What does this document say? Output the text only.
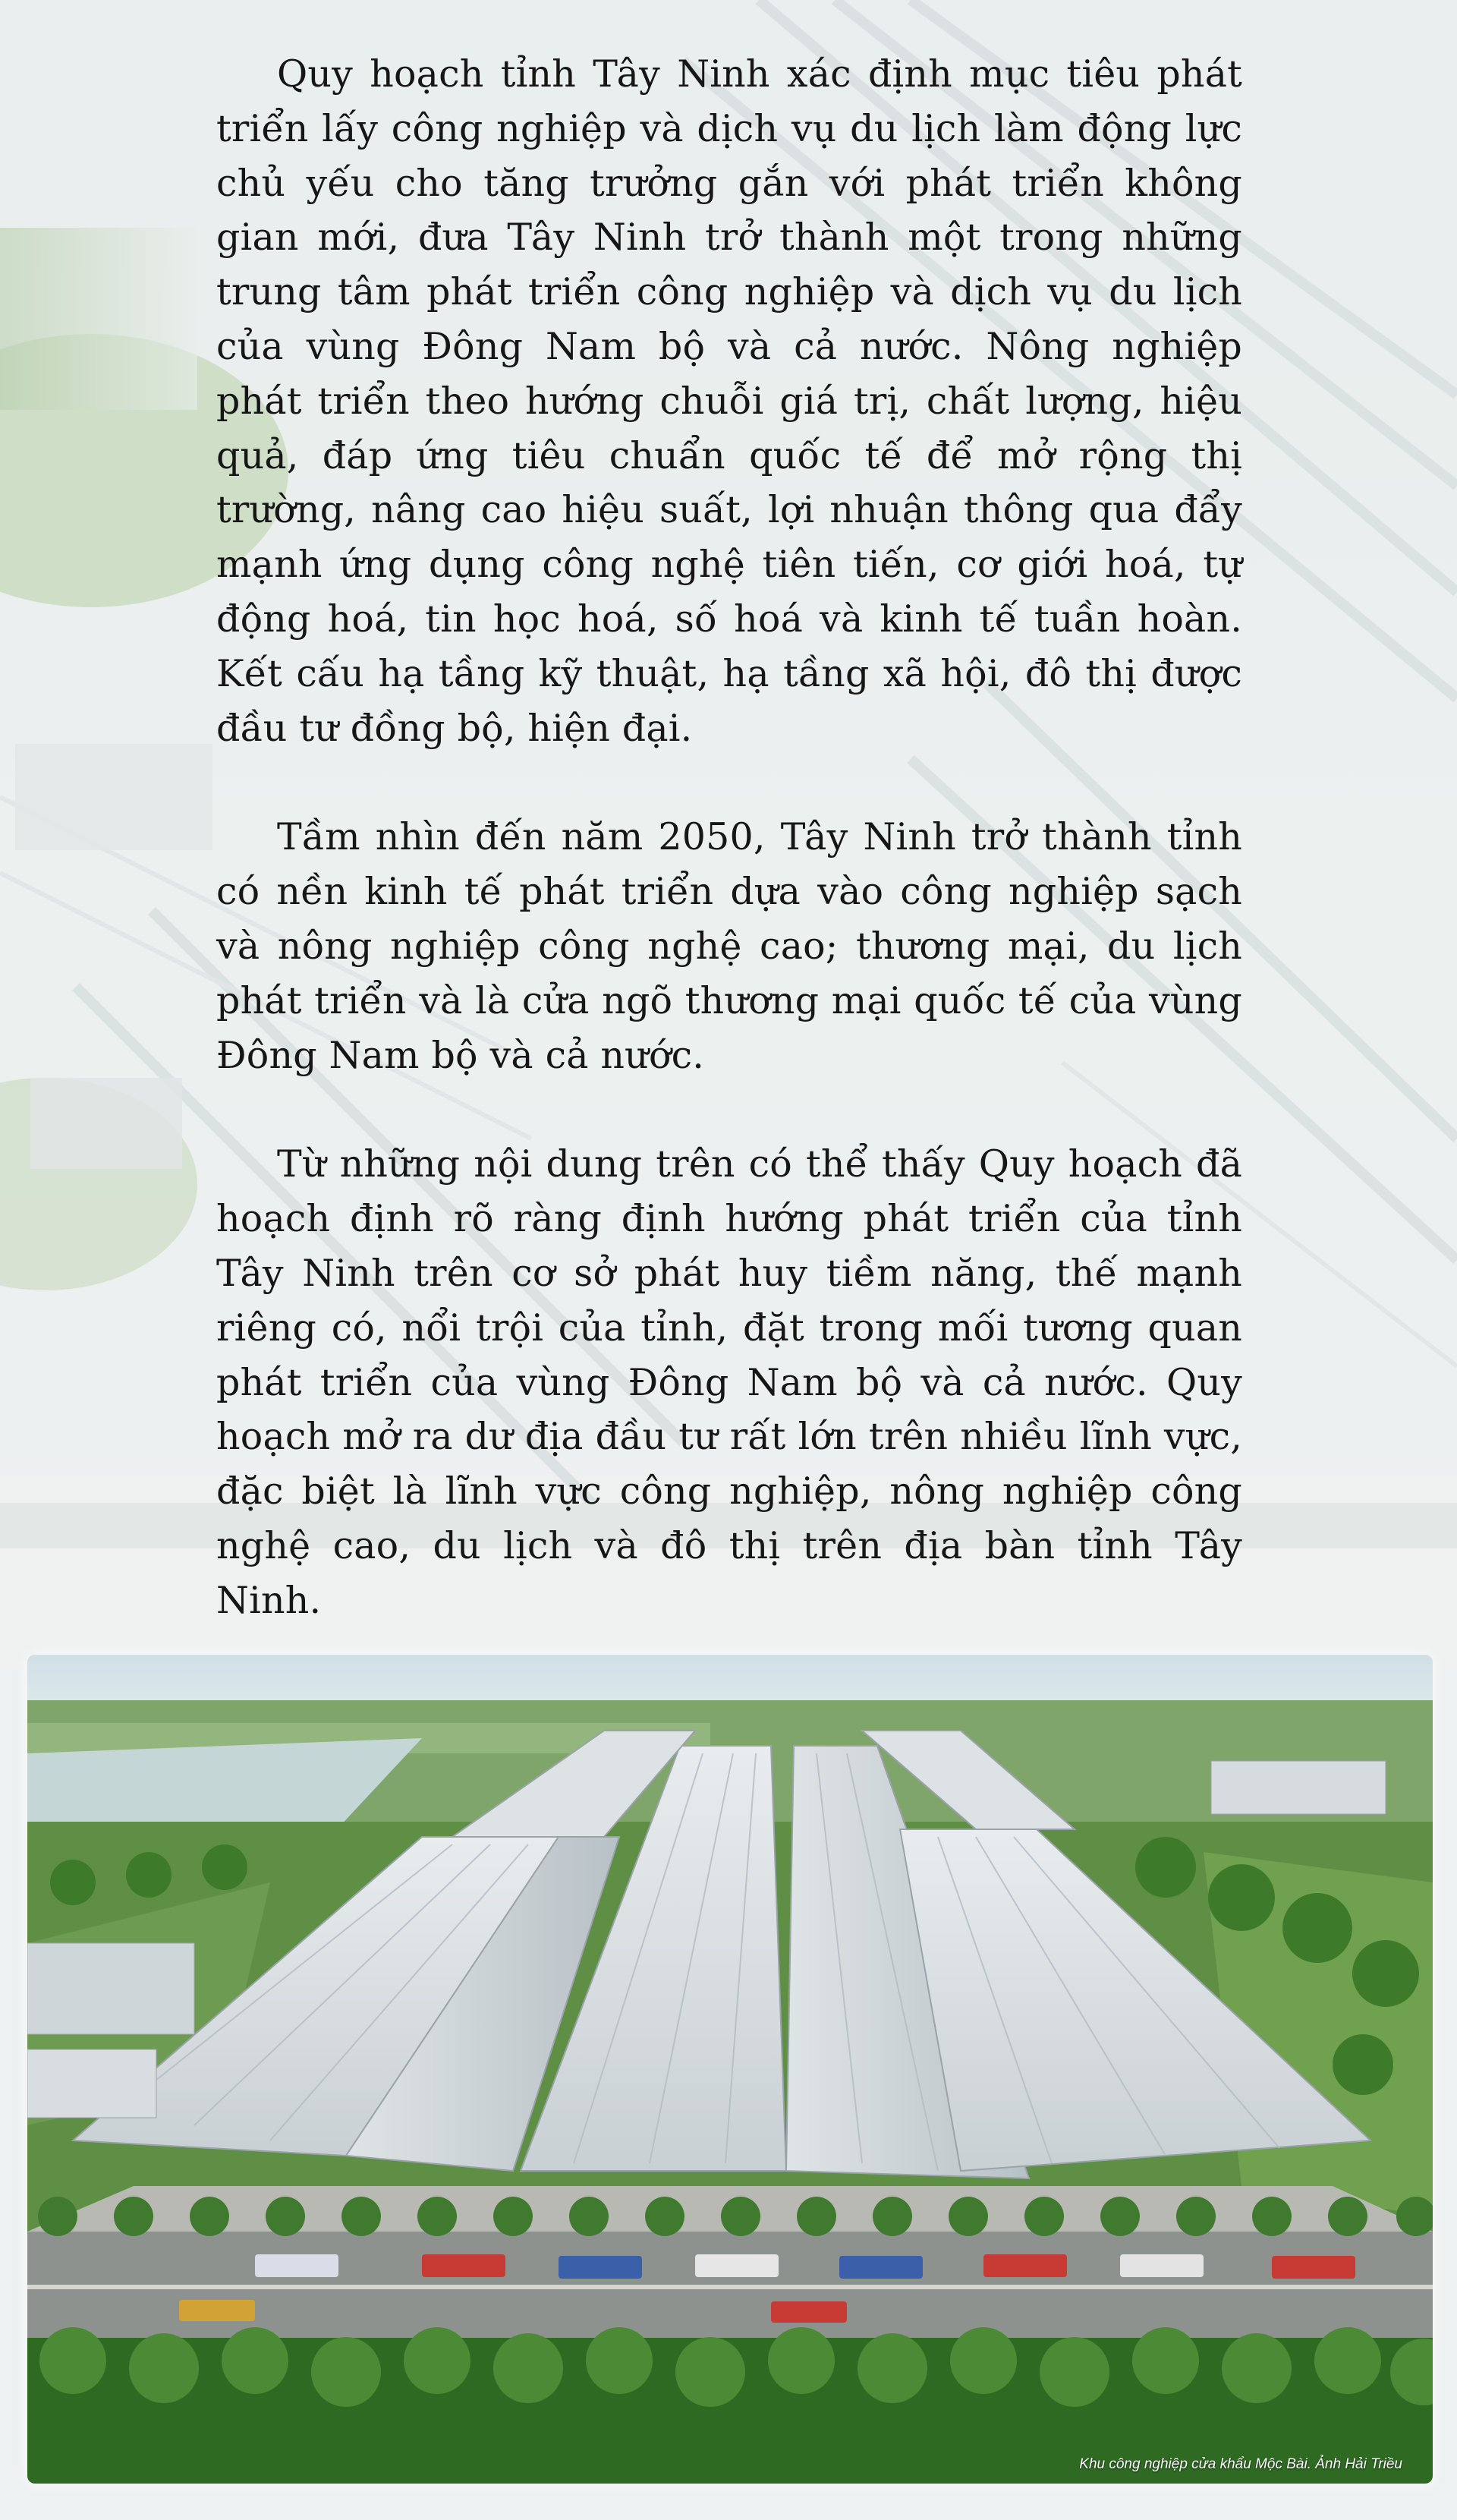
Quy hoạch tỉnh Tây Ninh xác định mục tiêu phát triển lấy công nghiệp và dịch vụ du lịch làm động lực chủ yếu cho tăng trưởng gắn với phát triển không gian mới, đưa Tây Ninh trở thành một trong những trung tâm phát triển công nghiệp và dịch vụ du lịch của vùng Đông Nam bộ và cả nước. Nông nghiệp phát triển theo hướng chuỗi giá trị, chất lượng, hiệu quả, đáp ứng tiêu chuẩn quốc tế để mở rộng thị trường, nâng cao hiệu suất, lợi nhuận thông qua đẩy mạnh ứng dụng công nghệ tiên tiến, cơ giới hoá, tự động hoá, tin học hoá, số hoá và kinh tế tuần hoàn. Kết cấu hạ tầng kỹ thuật, hạ tầng xã hội, đô thị được đầu tư đồng bộ, hiện đại.

Tầm nhìn đến năm 2050, Tây Ninh trở thành tỉnh có nền kinh tế phát triển dựa vào công nghiệp sạch và nông nghiệp công nghệ cao; thương mại, du lịch phát triển và là cửa ngõ thương mại quốc tế của vùng Đông Nam bộ và cả nước.

Từ những nội dung trên có thể thấy Quy hoạch đã hoạch định rõ ràng định hướng phát triển của tỉnh Tây Ninh trên cơ sở phát huy tiềm năng, thế mạnh riêng có, nổi trội của tỉnh, đặt trong mối tương quan phát triển của vùng Đông Nam bộ và cả nước. Quy hoạch mở ra dư địa đầu tư rất lớn trên nhiều lĩnh vực, đặc biệt là lĩnh vực công nghiệp, nông nghiệp công nghệ cao, du lịch và đô thị trên địa bàn tỉnh Tây Ninh.

Khu công nghiệp cửa khẩu Mộc Bài. Ảnh Hải Triều
